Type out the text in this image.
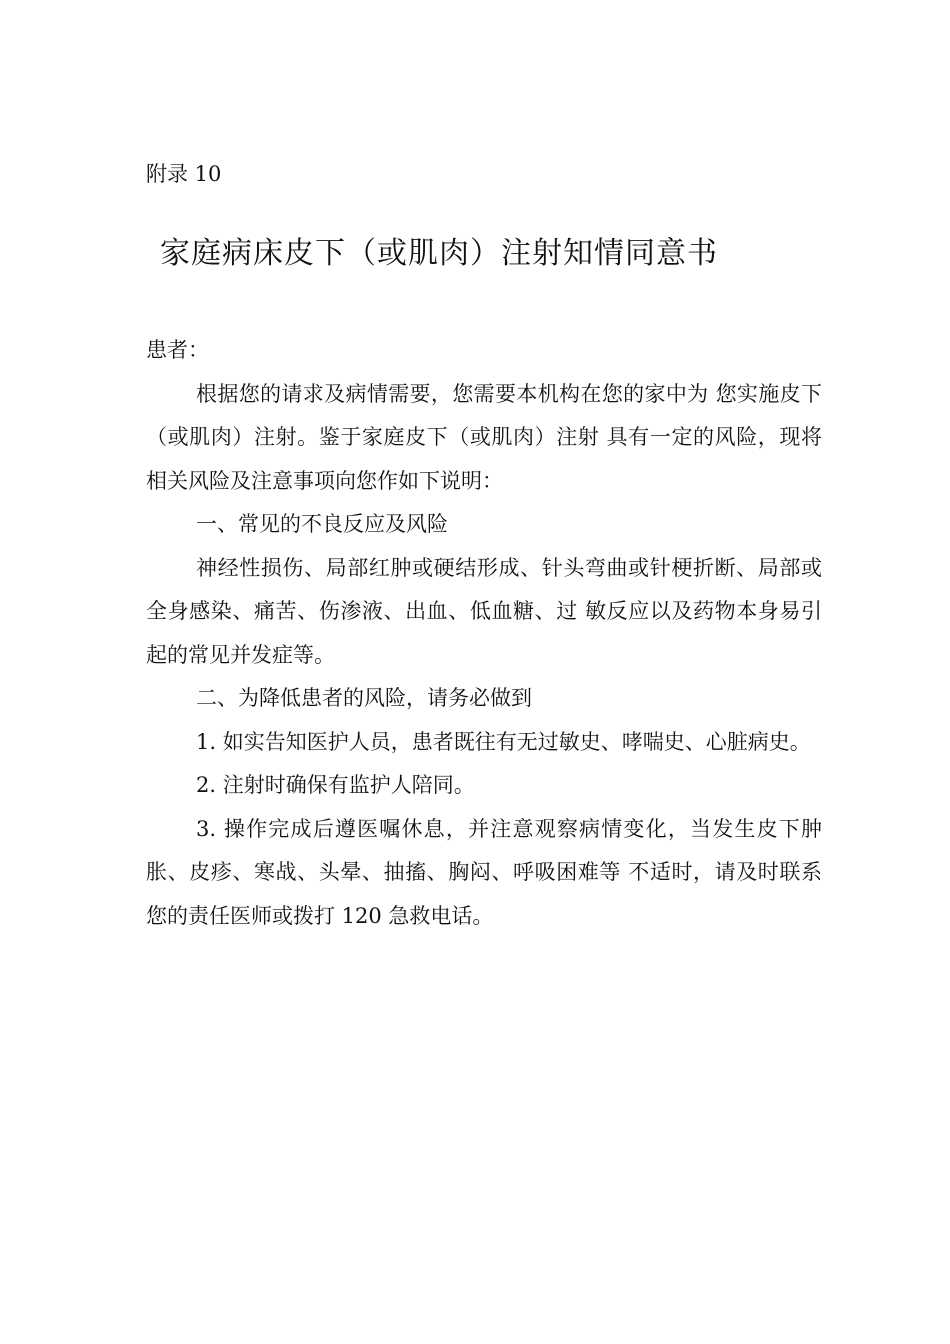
附录 10
家庭病床皮下（或肌肉）注射知情同意书

患者：

根据您的请求及病情需要，您需要本机构在您的家中为 您实施皮下（或肌肉）注射。鉴于家庭皮下（或肌肉）注射 具有一定的风险，现将相关风险及注意事项向您作如下说明：

一、常见的不良反应及风险

神经性损伤、局部红肿或硬结形成、针头弯曲或针梗折断、局部或全身感染、痛苦、伤渗液、出血、低血糖、过 敏反应以及药物本身易引起的常见并发症等。

二、为降低患者的风险，请务必做到

1. 如实告知医护人员，患者既往有无过敏史、哮喘史、心脏病史。

2. 注射时确保有监护人陪同。

3. 操作完成后遵医嘱休息，并注意观察病情变化，当发生皮下肿胀、皮疹、寒战、头晕、抽搐、胸闷、呼吸困难等 不适时，请及时联系您的责任医师或拨打 120 急救电话。
